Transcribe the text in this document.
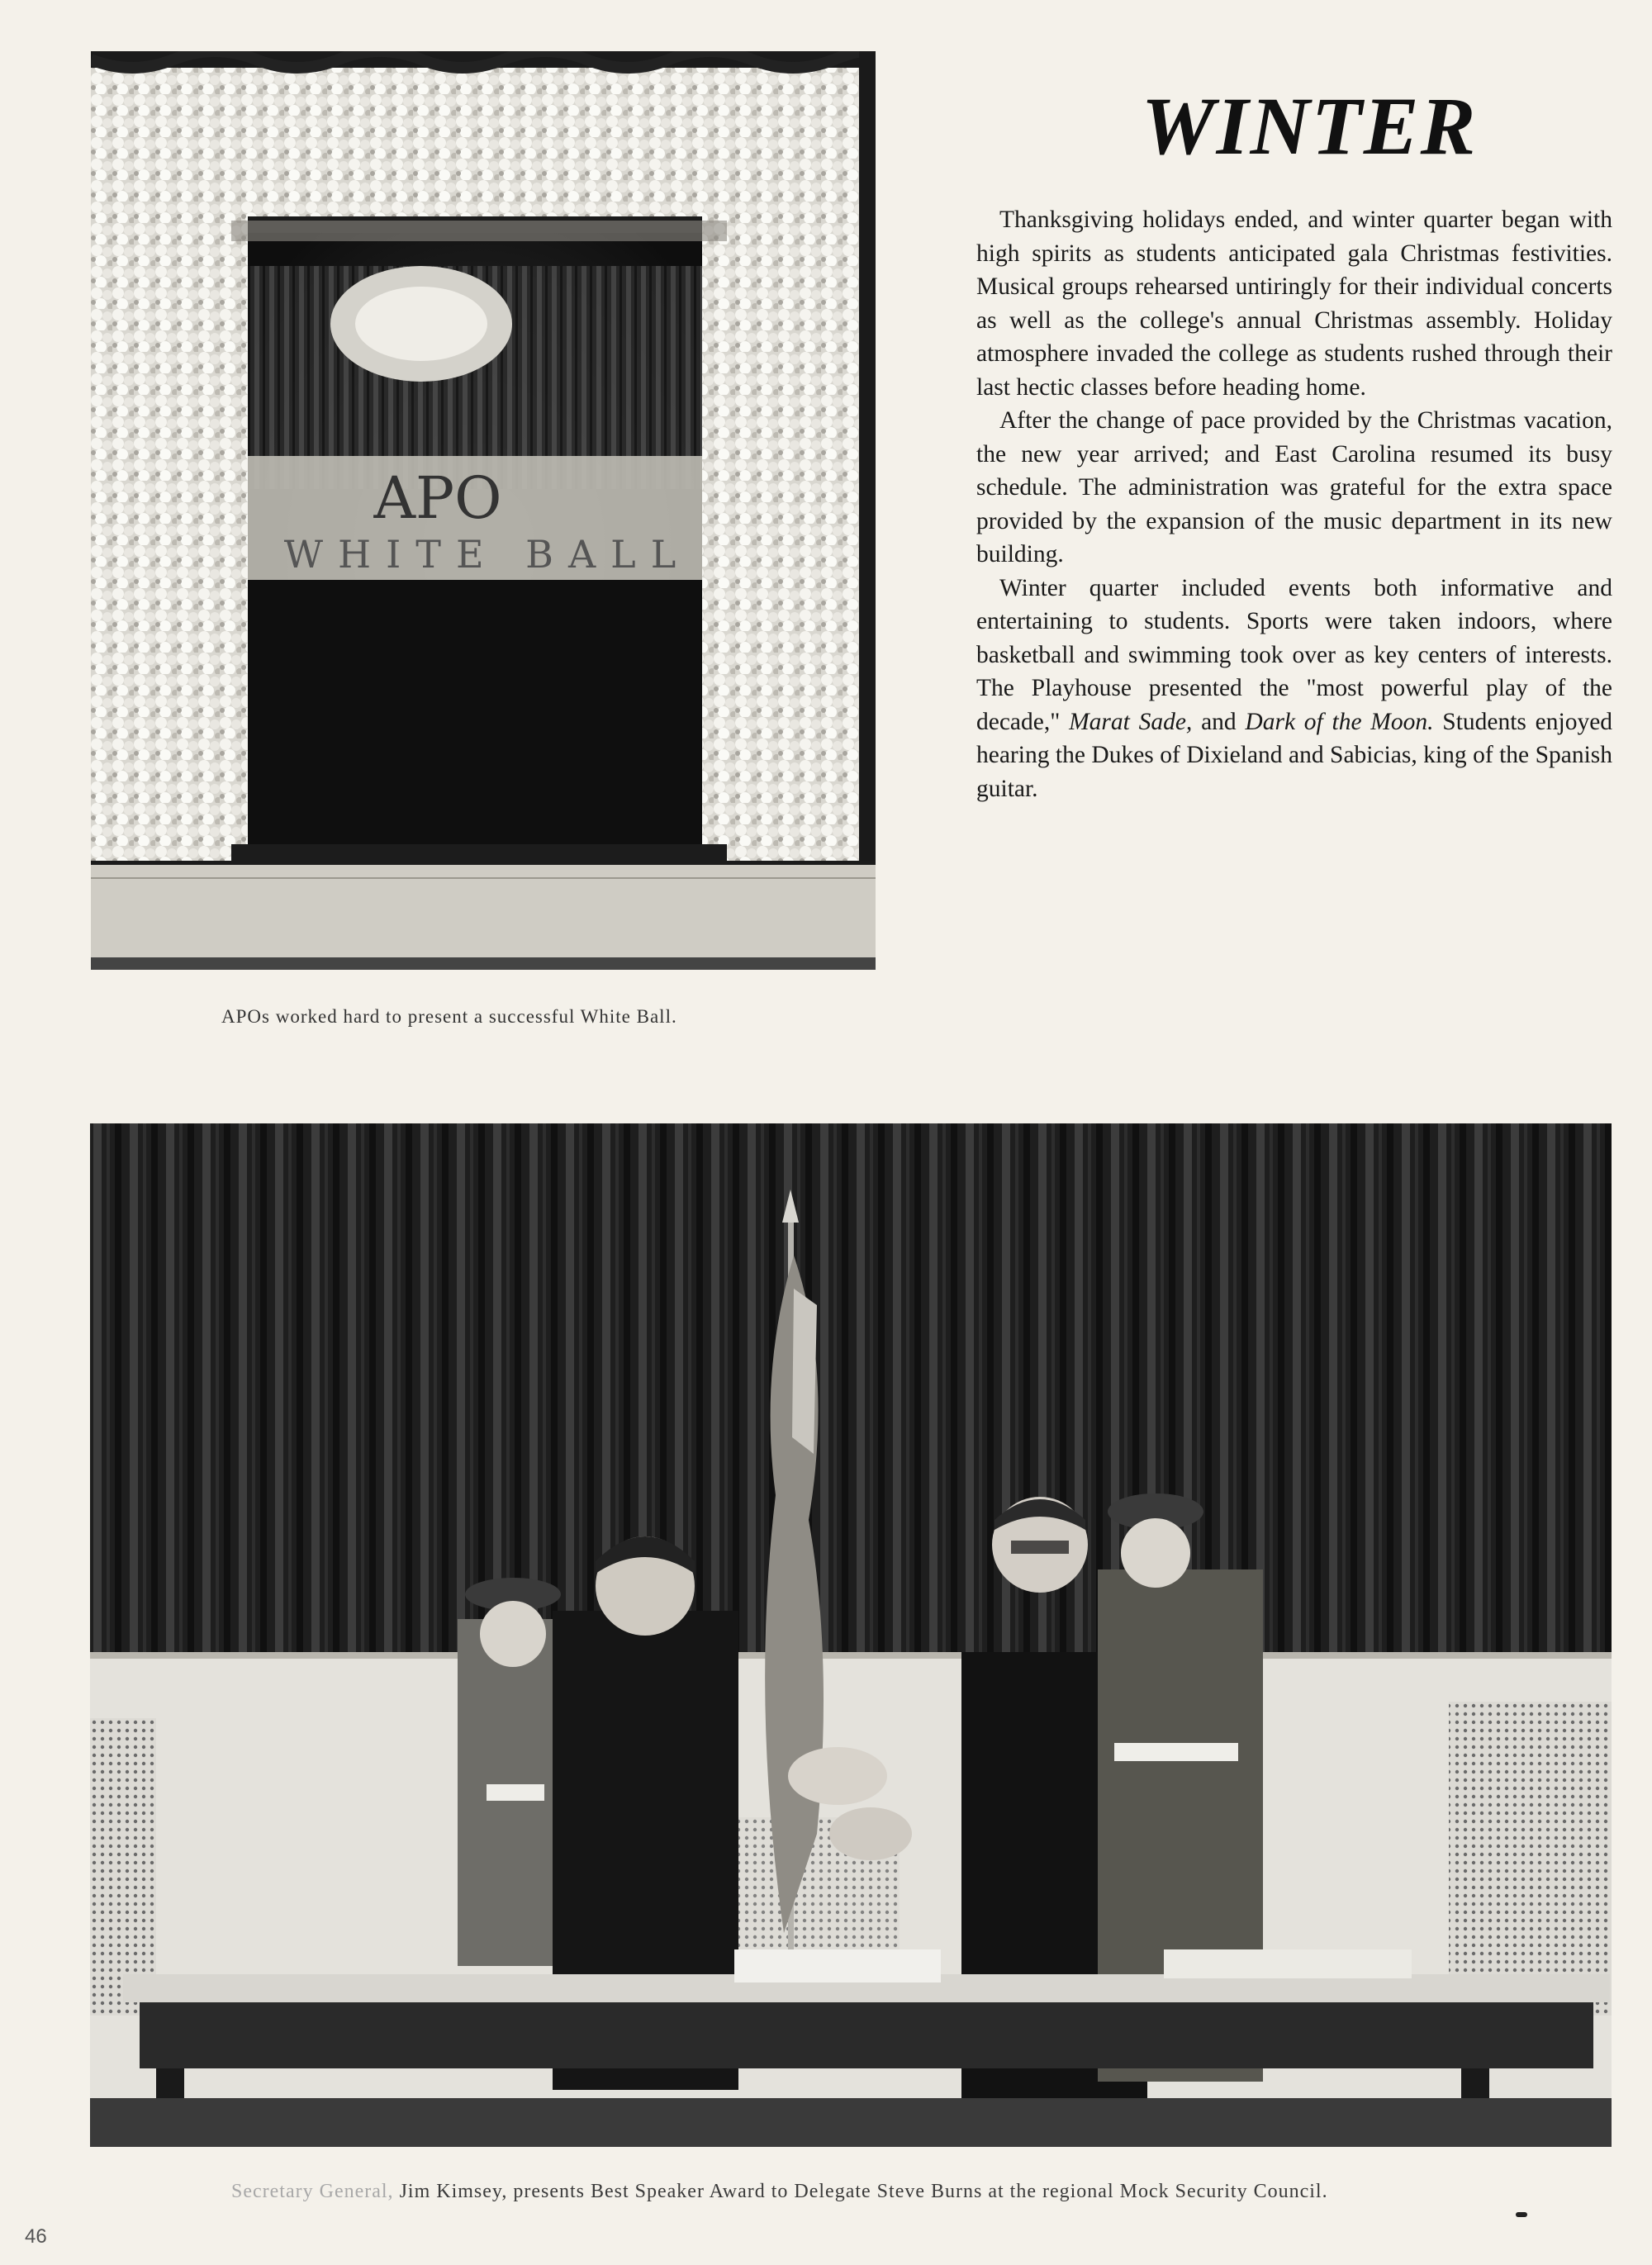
APO
WHITE BALL
WINTER

Thanksgiving holidays ended, and winter quarter began with high spirits as students anticipated gala Christmas festivities. Musical groups rehearsed untiringly for their individual concerts as well as the college's annual Christmas assembly. Holiday atmosphere invaded the college as students rushed through their last hectic classes before heading home.

After the change of pace provided by the Christmas vacation, the new year arrived; and East Carolina resumed its busy schedule. The administration was grateful for the extra space provided by the expansion of the music department in its new building.

Winter quarter included events both informative and entertaining to students. Sports were taken indoors, where basketball and swimming took over as key centers of interests. The Playhouse presented the "most powerful play of the decade," Marat Sade, and Dark of the Moon. Students enjoyed hearing the Dukes of Dixieland and Sabicias, king of the Spanish guitar.

APOs worked hard to present a successful White Ball.
Secretary General, Jim Kimsey, presents Best Speaker Award to Delegate Steve Burns at the regional Mock Security Council.
46
